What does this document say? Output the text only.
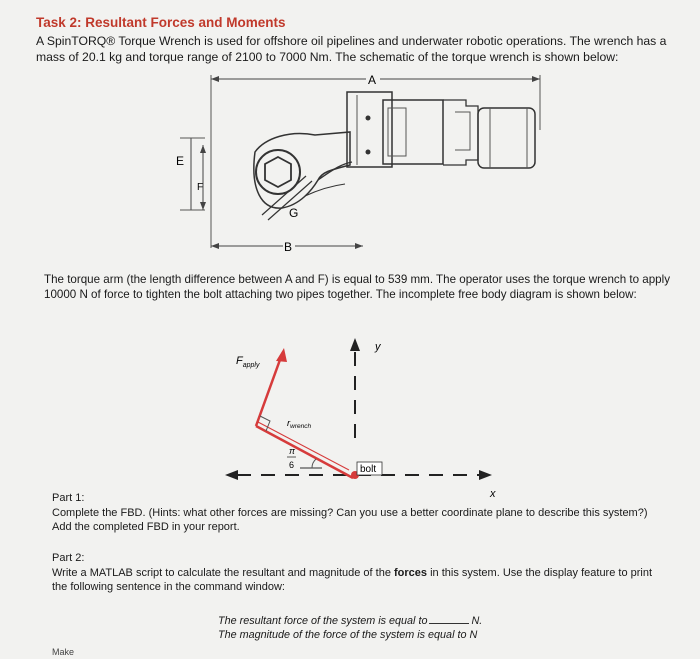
Task 2: Resultant Forces and Moments
A SpinTORQ® Torque Wrench is used for offshore oil pipelines and underwater robotic operations. The wrench has a mass of 20.1 kg and torque range of 2100 to 7000 Nm. The schematic of the torque wrench is shown below:
A
B
E
F
G
The torque arm (the length difference between A and F) is equal to 539 mm. The operator uses the torque wrench to apply 10000 N of force to tighten the bolt attaching two pipes together. The incomplete free body diagram is shown below:
y
x
bolt
$F_{apply}$
$r_{wrench}$
π
6
Part 1:
Complete the FBD. (Hints: what other forces are missing? Can you use a better coordinate plane to describe this system?) Add the completed FBD in your report.
Part 2:
Write a MATLAB script to calculate the resultant and magnitude of the forces in this system. Use the display feature to print the following sentence in the command window:
The resultant force of the system is equal to	N.
The magnitude of the force of the system is equal to N
Make
